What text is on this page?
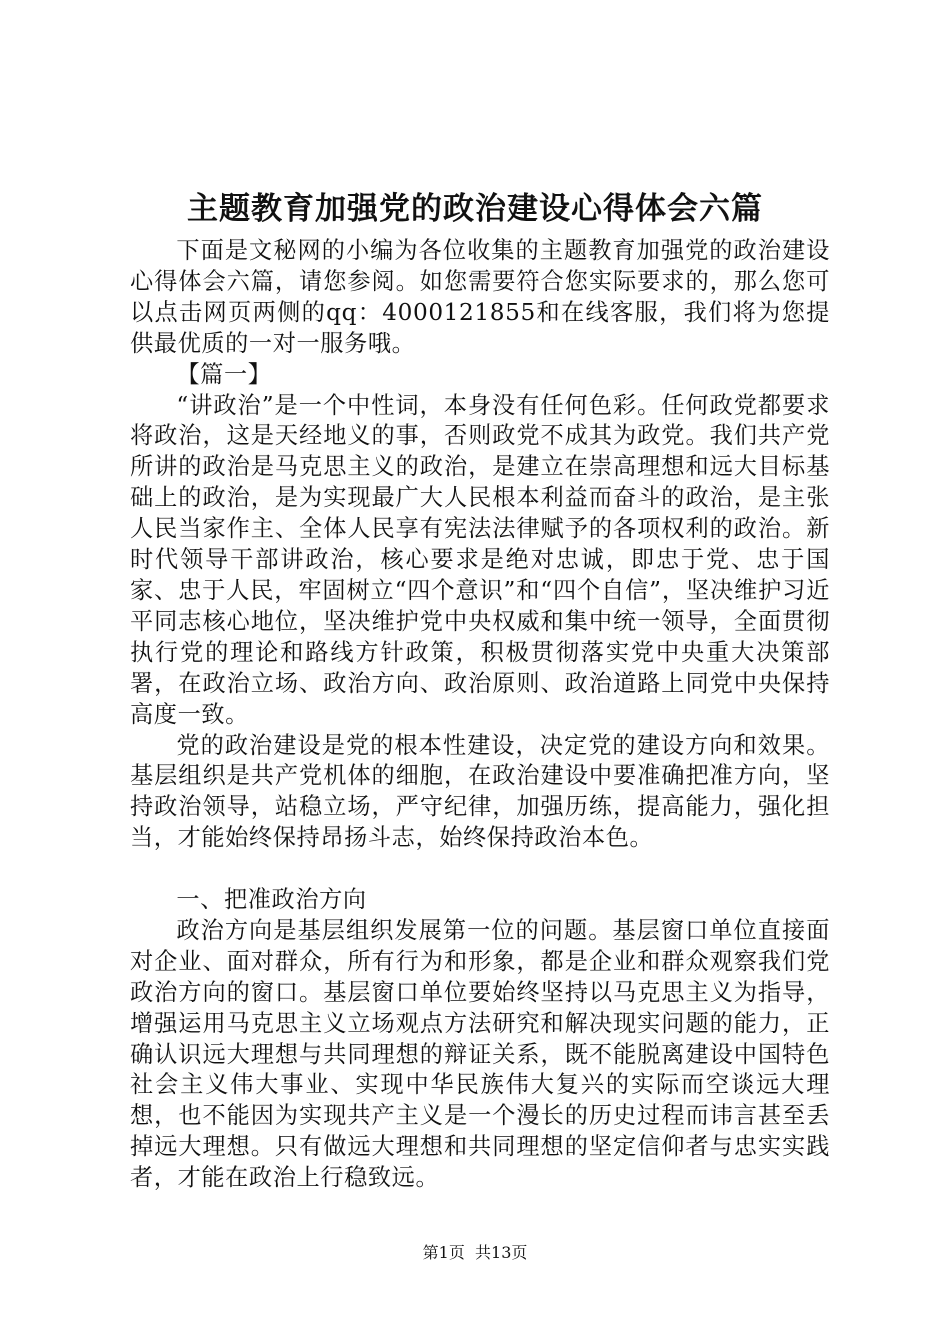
主题教育加强党的政治建设心得体会六篇

下面是文秘网的小编为各位收集的主题教育加强党的政治建设心得体会六篇，请您参阅。如您需要符合您实际要求的，那么您可以点击网页两侧的qq：4000121855和在线客服，我们将为您提供最优质的一对一服务哦。

【篇一】

“讲政治”是一个中性词，本身没有任何色彩。任何政党都要求将政治，这是天经地义的事，否则政党不成其为政党。我们共产党所讲的政治是马克思主义的政治，是建立在崇高理想和远大目标基础上的政治，是为实现最广大人民根本利益而奋斗的政治，是主张人民当家作主、全体人民享有宪法法律赋予的各项权利的政治。新时代领导干部讲政治，核心要求是绝对忠诚，即忠于党、忠于国家、忠于人民，牢固树立“四个意识”和“四个自信”，坚决维护习近平同志核心地位，坚决维护党中央权威和集中统一领导，全面贯彻执行党的理论和路线方针政策，积极贯彻落实党中央重大决策部署，在政治立场、政治方向、政治原则、政治道路上同党中央保持高度一致。

党的政治建设是党的根本性建设，决定党的建设方向和效果。基层组织是共产党机体的细胞，在政治建设中要准确把准方向，坚持政治领导，站稳立场，严守纪律，加强历练，提高能力，强化担当，才能始终保持昂扬斗志，始终保持政治本色。

一、把准政治方向

政治方向是基层组织发展第一位的问题。基层窗口单位直接面对企业、面对群众，所有行为和形象，都是企业和群众观察我们党政治方向的窗口。基层窗口单位要始终坚持以马克思主义为指导，增强运用马克思主义立场观点方法研究和解决现实问题的能力，正确认识远大理想与共同理想的辩证关系，既不能脱离建设中国特色社会主义伟大事业、实现中华民族伟大复兴的实际而空谈远大理想，也不能因为实现共产主义是一个漫长的历史过程而讳言甚至丢掉远大理想。只有做远大理想和共同理想的坚定信仰者与忠实实践者，才能在政治上行稳致远。

第1页 共13页
